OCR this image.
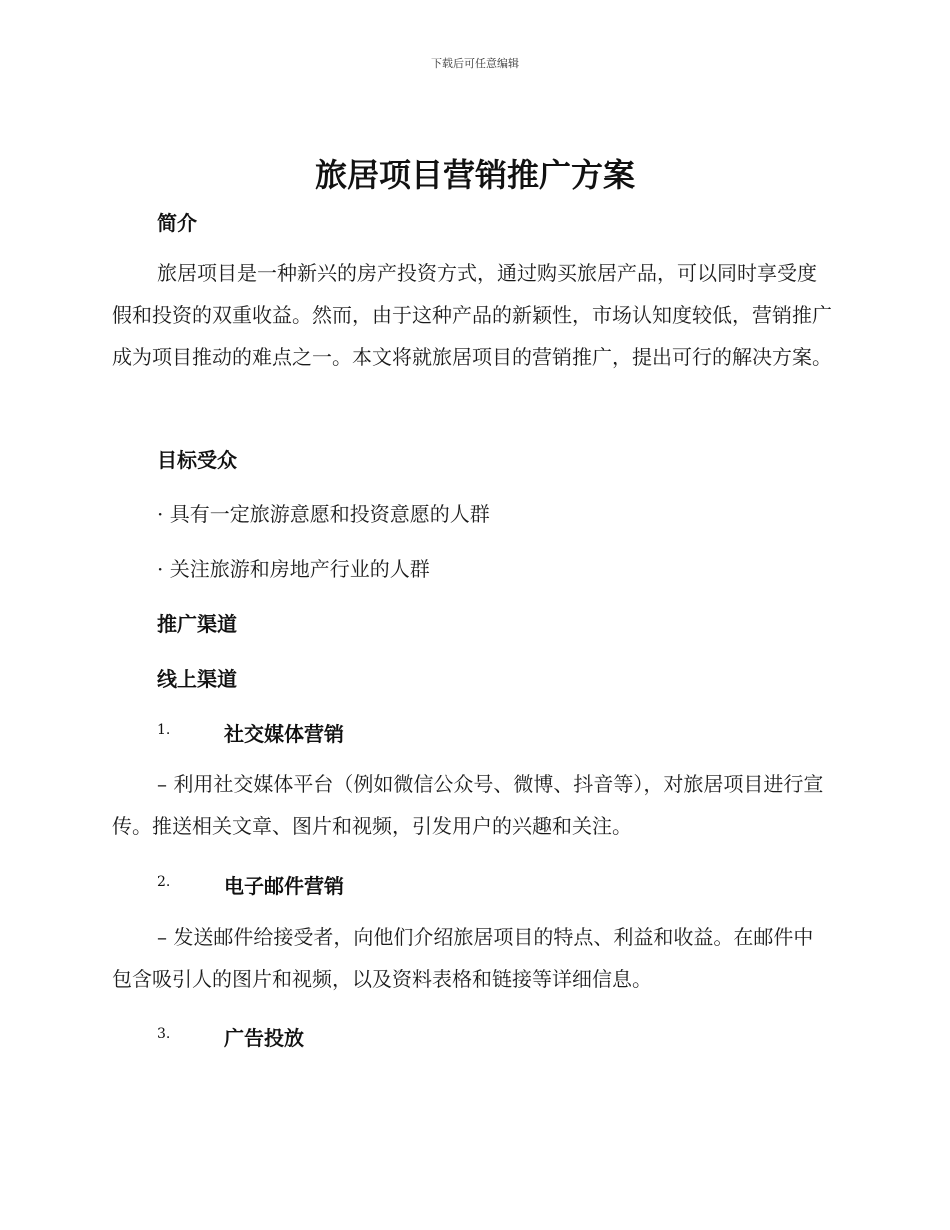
下载后可任意编辑
旅居项目营销推广方案
简介

旅居项目是一种新兴的房产投资方式，通过购买旅居产品，可以同时享受度假和投资的双重收益。然而，由于这种产品的新颖性，市场认知度较低，营销推广成为项目推动的难点之一。本文将就旅居项目的营销推广，提出可行的解决方案。

目标受众
· 具有一定旅游意愿和投资意愿的人群
· 关注旅游和房地产行业的人群
推广渠道
线上渠道
1.	社交媒体营销

– 利用社交媒体平台（例如微信公众号、微博、抖音等），对旅居项目进行宣传。推送相关文章、图片和视频，引发用户的兴趣和关注。

2.	电子邮件营销

– 发送邮件给接受者，向他们介绍旅居项目的特点、利益和收益。在邮件中包含吸引人的图片和视频，以及资料表格和链接等详细信息。

3.	广告投放
